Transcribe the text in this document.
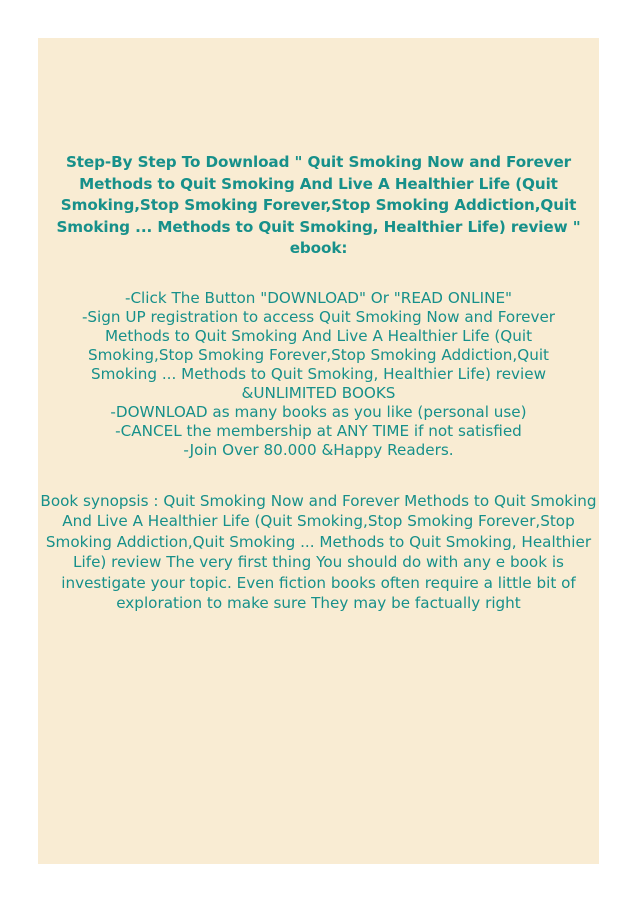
Step-By Step To Download " Quit Smoking Now and Forever Methods to Quit Smoking And Live A Healthier Life (Quit Smoking,Stop Smoking Forever,Stop Smoking Addiction,Quit Smoking ... Methods to Quit Smoking, Healthier Life) review " ebook:
-Click The Button "DOWNLOAD" Or "READ ONLINE"
-Sign UP registration to access Quit Smoking Now and Forever Methods to Quit Smoking And Live A Healthier Life (Quit Smoking,Stop Smoking Forever,Stop Smoking Addiction,Quit Smoking ... Methods to Quit Smoking, Healthier Life) review &UNLIMITED BOOKS
-DOWNLOAD as many books as you like (personal use)
-CANCEL the membership at ANY TIME if not satisfied
-Join Over 80.000 &Happy Readers.
Book synopsis : Quit Smoking Now and Forever Methods to Quit Smoking And Live A Healthier Life (Quit Smoking,Stop Smoking Forever,Stop Smoking Addiction,Quit Smoking ... Methods to Quit Smoking, Healthier Life) review The very first thing You should do with any e book is investigate your topic. Even fiction books often require a little bit of exploration to make sure They may be factually right
